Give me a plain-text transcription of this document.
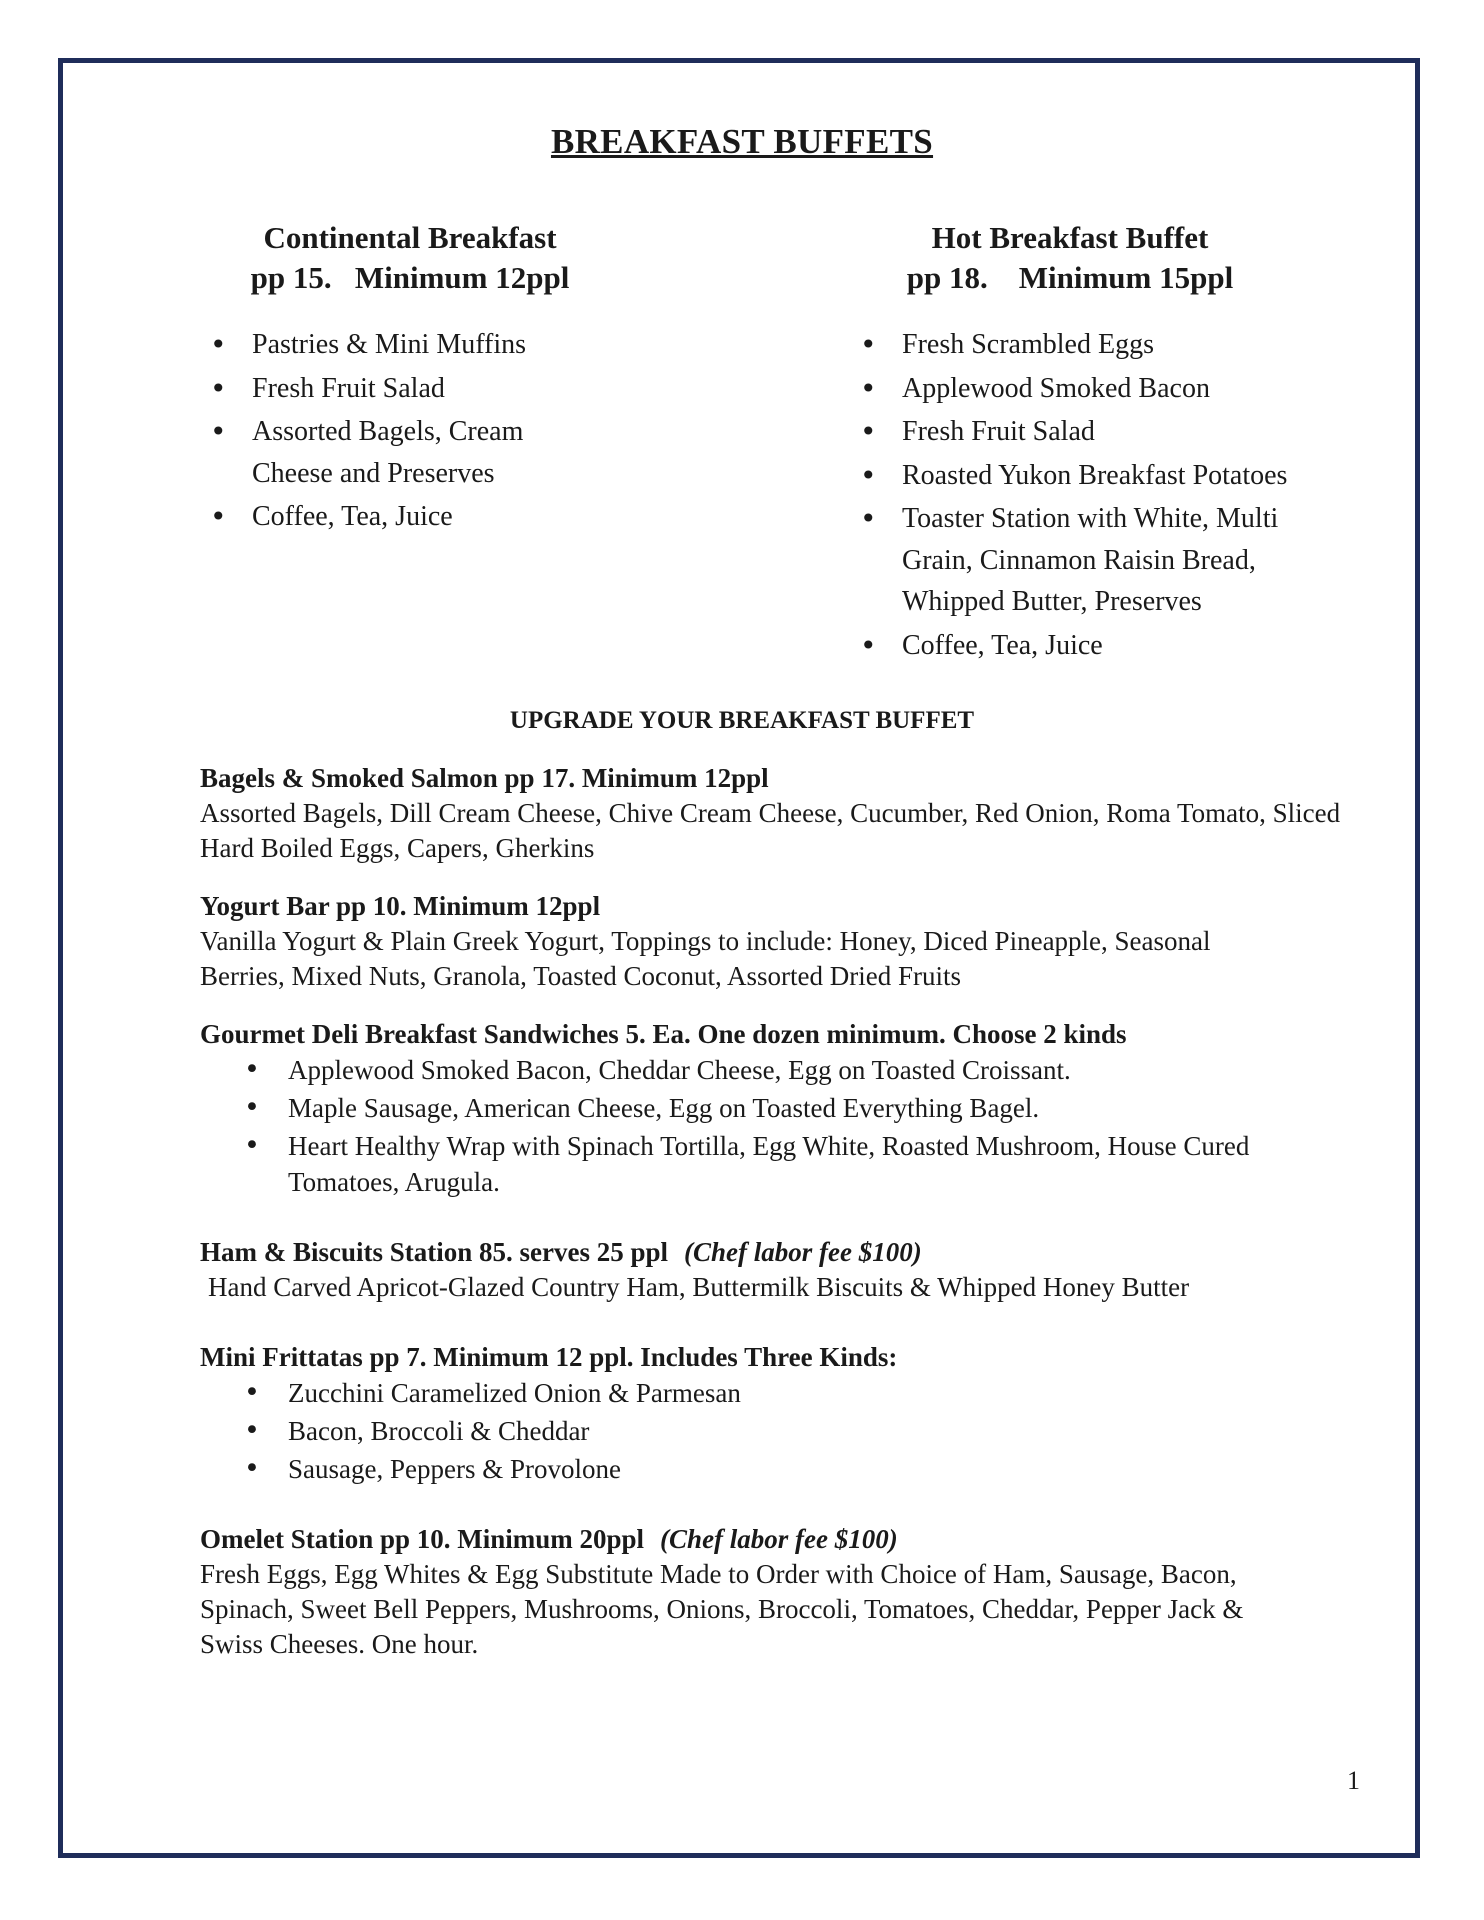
BREAKFAST BUFFETS
Continental Breakfast
pp 15.   Minimum 12ppl
• Pastries & Mini Muffins
• Fresh Fruit Salad
• Assorted Bagels, Cream Cheese and Preserves
• Coffee, Tea, Juice
Hot Breakfast Buffet
pp 18.    Minimum 15ppl
• Fresh Scrambled Eggs
• Applewood Smoked Bacon
• Fresh Fruit Salad
• Roasted Yukon Breakfast Potatoes
• Toaster Station with White, Multi Grain, Cinnamon Raisin Bread, Whipped Butter, Preserves
• Coffee, Tea, Juice
UPGRADE YOUR BREAKFAST BUFFET
Bagels & Smoked Salmon pp 17. Minimum 12ppl
Assorted Bagels, Dill Cream Cheese, Chive Cream Cheese, Cucumber, Red Onion, Roma Tomato, Sliced Hard Boiled Eggs, Capers, Gherkins
Yogurt Bar pp 10. Minimum 12ppl
Vanilla Yogurt & Plain Greek Yogurt, Toppings to include: Honey, Diced Pineapple, Seasonal Berries, Mixed Nuts, Granola, Toasted Coconut, Assorted Dried Fruits
Gourmet Deli Breakfast Sandwiches 5. Ea. One dozen minimum. Choose 2 kinds
• Applewood Smoked Bacon, Cheddar Cheese, Egg on Toasted Croissant.
• Maple Sausage, American Cheese, Egg on Toasted Everything Bagel.
• Heart Healthy Wrap with Spinach Tortilla, Egg White, Roasted Mushroom, House Cured Tomatoes, Arugula.
Ham & Biscuits Station 85. serves 25 ppl (Chef labor fee $100)
Hand Carved Apricot-Glazed Country Ham, Buttermilk Biscuits & Whipped Honey Butter
Mini Frittatas pp 7. Minimum 12 ppl. Includes Three Kinds:
• Zucchini Caramelized Onion & Parmesan
• Bacon, Broccoli & Cheddar
• Sausage, Peppers & Provolone
Omelet Station pp 10. Minimum 20ppl (Chef labor fee $100)
Fresh Eggs, Egg Whites & Egg Substitute Made to Order with Choice of Ham, Sausage, Bacon, Spinach, Sweet Bell Peppers, Mushrooms, Onions, Broccoli, Tomatoes, Cheddar, Pepper Jack & Swiss Cheeses. One hour.
1
